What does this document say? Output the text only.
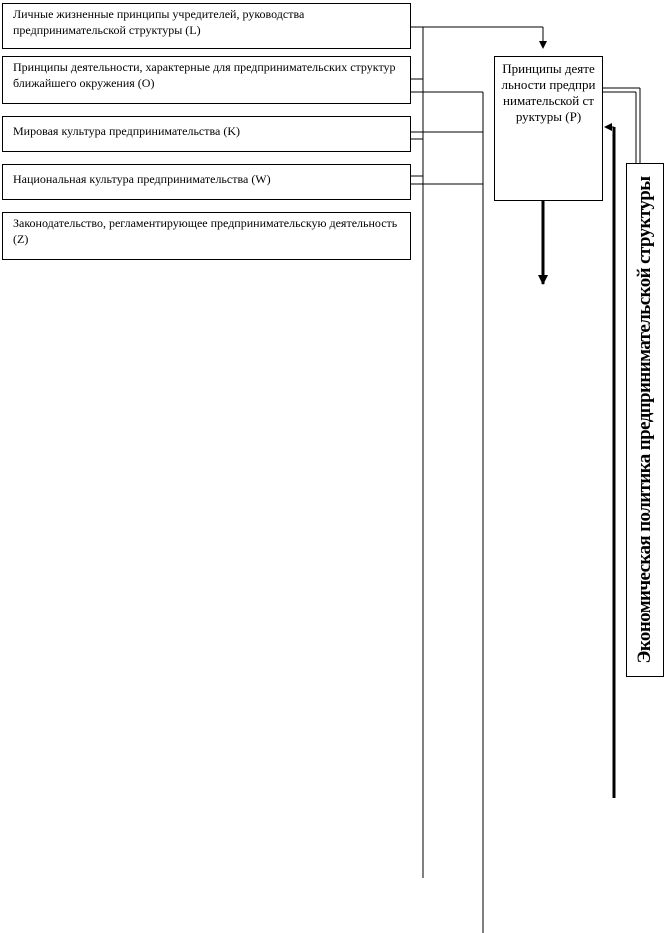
Личные жизненные принципы учредителей, руководства предпринимательской структуры (L)
Принципы деятельности, характерные для предпринимательских структур ближайшего окружения (O)
Мировая культура предпринимательства (K)
Национальная культура предпринимательства (W)
Законодательство, регламентирующее предпринимательскую деятельность (Z)
Принципы деятельности предпринимательской структуры (P)
Экономическая политика предпринимательской структуры
